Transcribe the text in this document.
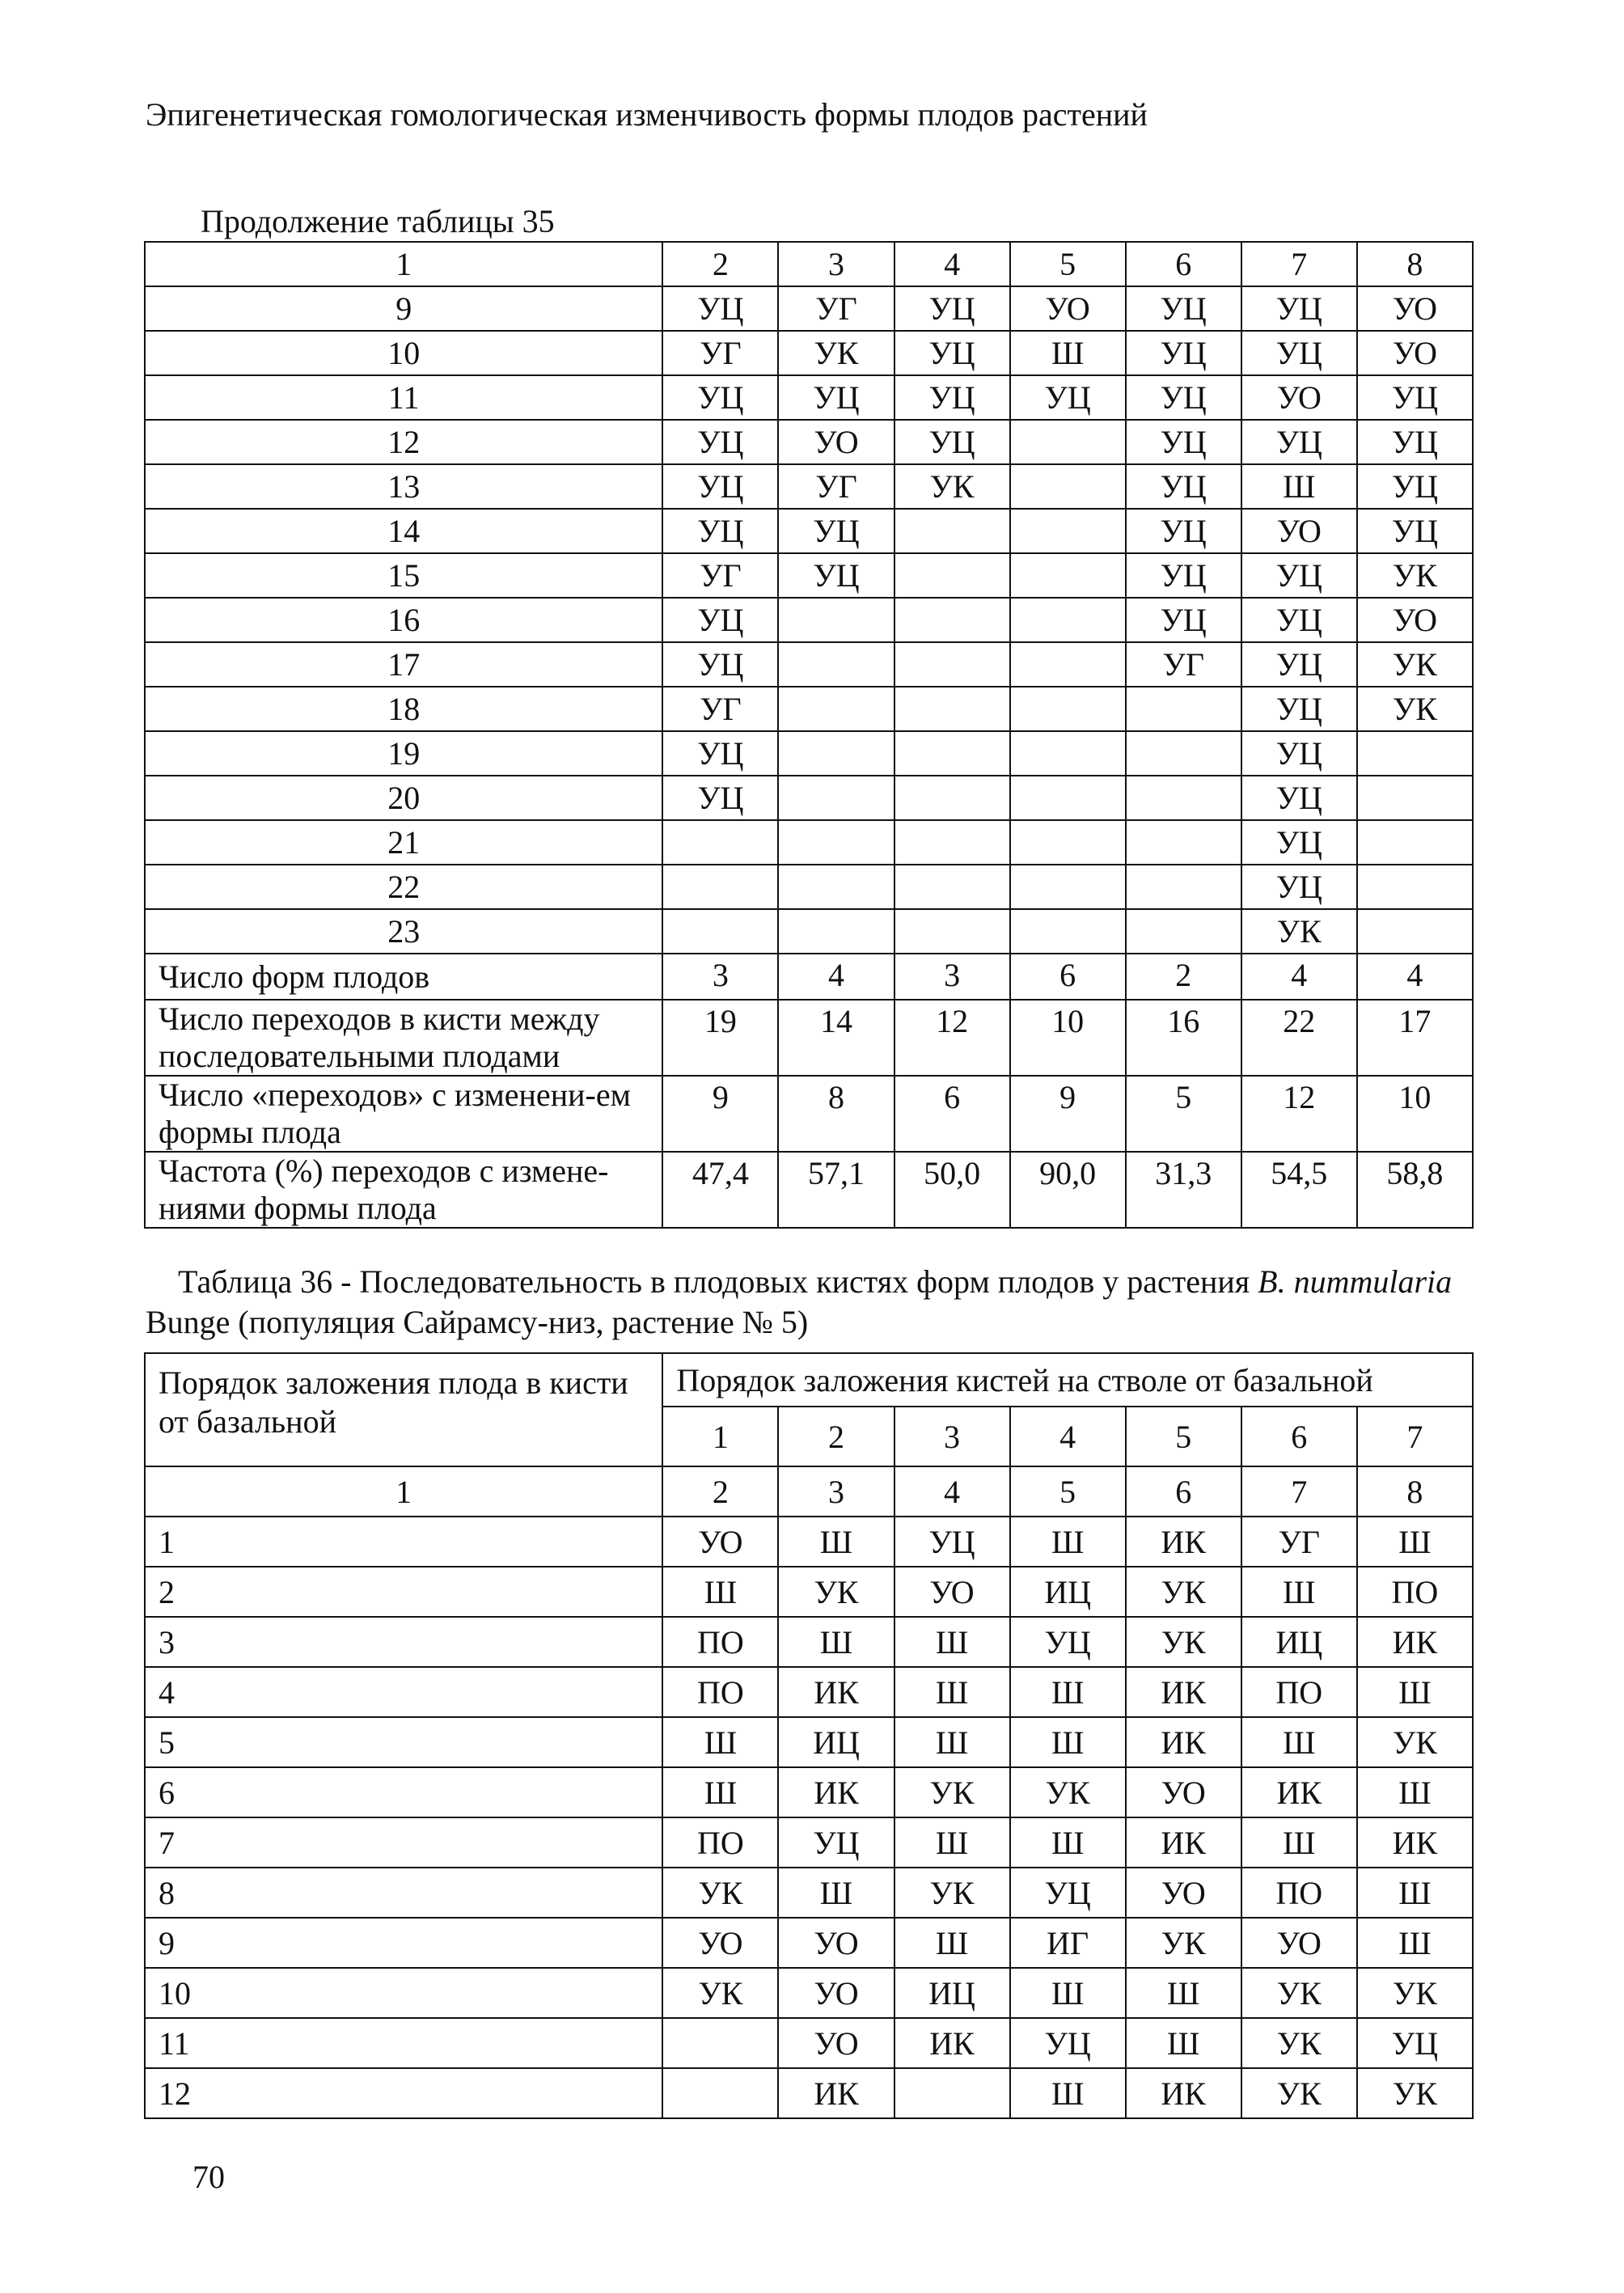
Эпигенетическая гомологическая изменчивость формы плодов растений
Продолжение таблицы 35
1	2	3	4	5	6	7	8
9	УЦ	УГ	УЦ	УО	УЦ	УЦ	УО
10	УГ	УК	УЦ	Ш	УЦ	УЦ	УО
11	УЦ	УЦ	УЦ	УЦ	УЦ	УО	УЦ
12	УЦ	УО	УЦ		УЦ	УЦ	УЦ
13	УЦ	УГ	УК		УЦ	Ш	УЦ
14	УЦ	УЦ			УЦ	УО	УЦ
15	УГ	УЦ			УЦ	УЦ	УК
16	УЦ				УЦ	УЦ	УО
17	УЦ				УГ	УЦ	УК
18	УГ					УЦ	УК
19	УЦ					УЦ	
20	УЦ					УЦ	
21						УЦ	
22						УЦ	
23						УК	
Число форм плодов	3	4	3	6	2	4	4
Число переходов в кисти между последовательными плодами	19	14	12	10	16	22	17
Число «переходов» с изменени-ем формы плода	9	8	6	9	5	12	10
Частота (%) переходов с измене-ниями формы плода	47,4	57,1	50,0	90,0	31,3	54,5	58,8
Таблица 36 - Последовательность в плодовых кистях форм плодов у растения B. nummularia Bunge (популяция Сайрамсу-низ, растение № 5)
Порядок заложения плода в кисти от базальной	Порядок заложения кистей на стволе от базальной						
	1	2	3	4	5	6	7
1	2	3	4	5	6	7	8
1	УО	Ш	УЦ	Ш	ИК	УГ	Ш
2	Ш	УК	УО	ИЦ	УК	Ш	ПО
3	ПО	Ш	Ш	УЦ	УК	ИЦ	ИК
4	ПО	ИК	Ш	Ш	ИК	ПО	Ш
5	Ш	ИЦ	Ш	Ш	ИК	Ш	УК
6	Ш	ИК	УК	УК	УО	ИК	Ш
7	ПО	УЦ	Ш	Ш	ИК	Ш	ИК
8	УК	Ш	УК	УЦ	УО	ПО	Ш
9	УО	УО	Ш	ИГ	УК	УО	Ш
10	УК	УО	ИЦ	Ш	Ш	УК	УК
11		УО	ИК	УЦ	Ш	УК	УЦ
12		ИК		Ш	ИК	УК	УК
70
